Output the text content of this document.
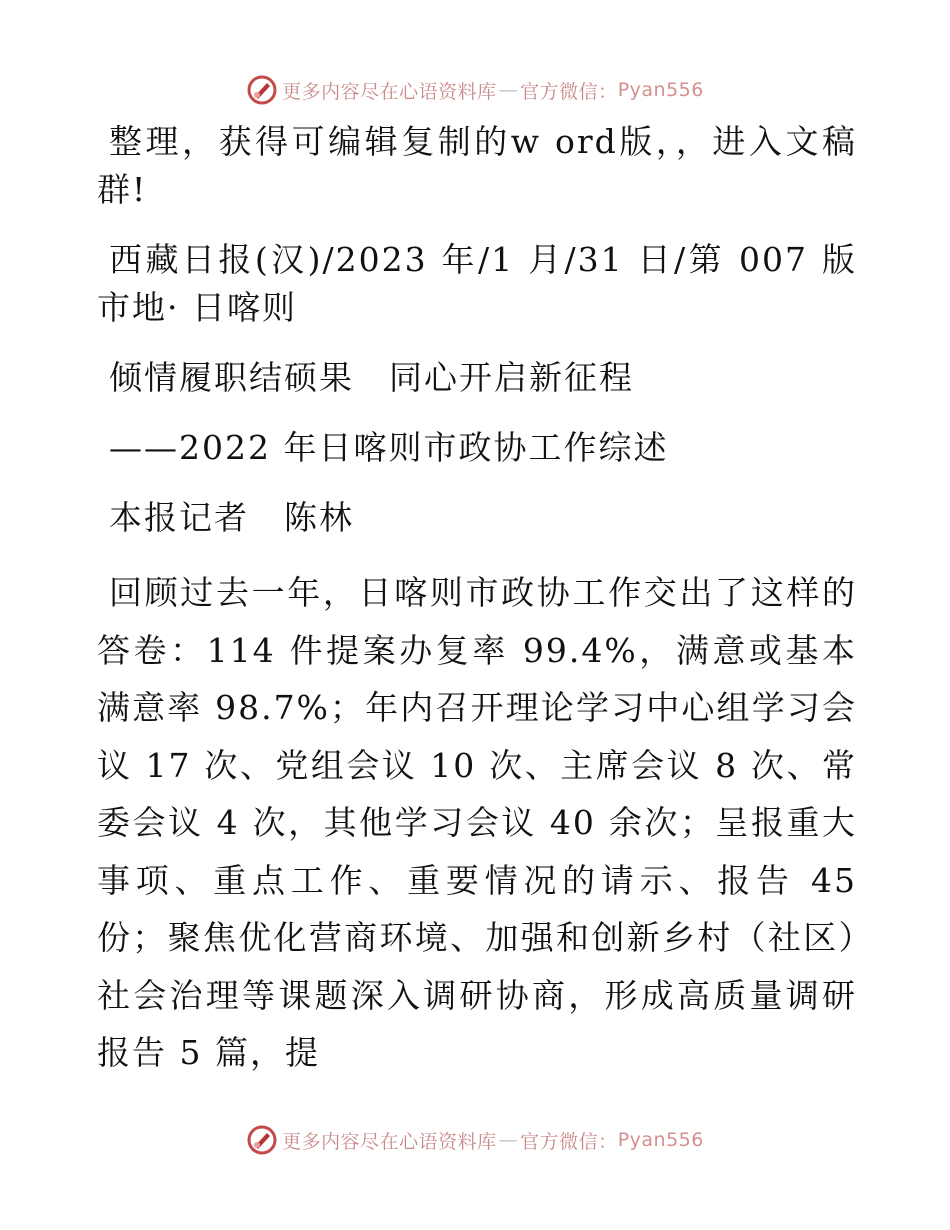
更多内容尽在心语资料库 — 官方微信： Pyan556

整理，获得可编辑复制的w ord版，，进入文稿群!

西藏日报(汉)/2023 年/1 月/31 日/第 007 版市地· 日喀则

倾情履职结硕果　同心开启新征程

——2022 年日喀则市政协工作综述

本报记者　陈林

回顾过去一年，日喀则市政协工作交出了这样的答卷：114 件提案办复率 99.4%，满意或基本满意率 98.7%；年内召开理论学习中心组学习会议 17 次、党组会议 10 次、主席会议 8 次、常委会议 4 次，其他学习会议 40 余次；呈报重大事项、重点工作、重要情况的请示、报告 45 份；聚焦优化营商环境、加强和创新乡村（社区）社会治理等课题深入调研协商，形成高质量调研报告 5 篇，提

更多内容尽在心语资料库 — 官方微信： Pyan556
